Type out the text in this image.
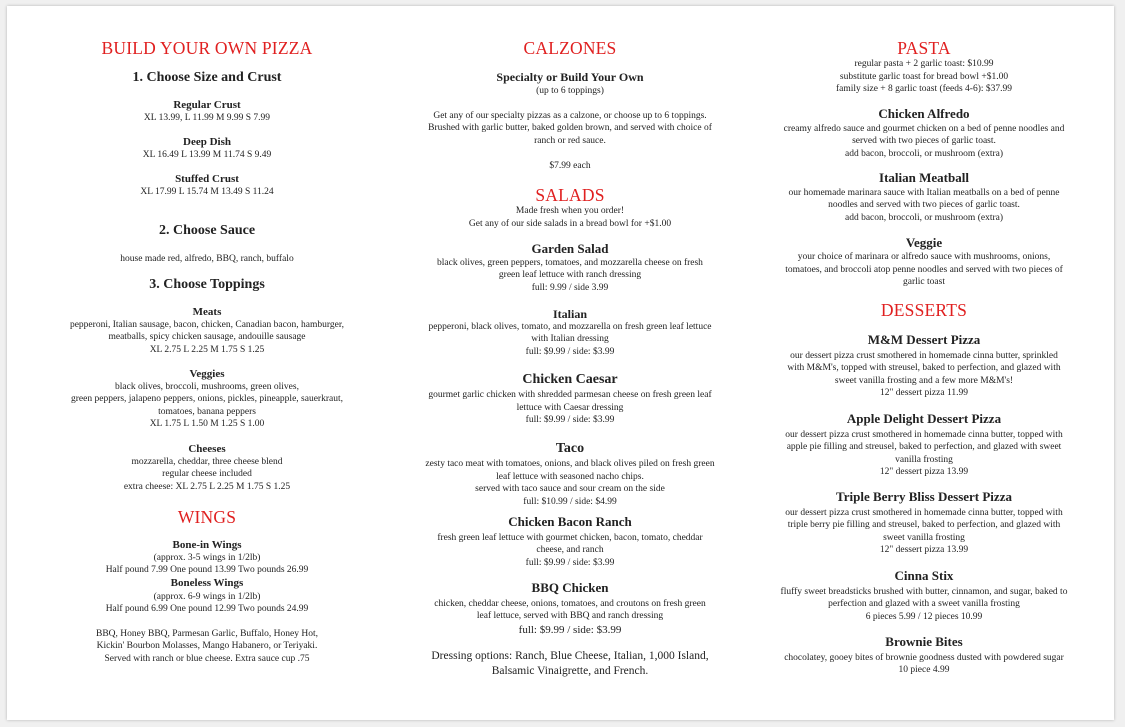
BUILD YOUR OWN PIZZA
1. Choose Size and Crust
Regular Crust
XL 13.99, L 11.99 M 9.99 S 7.99
Deep Dish
XL 16.49 L 13.99 M 11.74 S 9.49
Stuffed Crust
XL 17.99 L 15.74 M 13.49 S 11.24
2. Choose Sauce
house made red, alfredo, BBQ, ranch, buffalo
3. Choose Toppings
Meats
pepperoni, Italian sausage, bacon, chicken, Canadian bacon, hamburger,
meatballs, spicy chicken sausage, andouille sausage
XL 2.75 L 2.25 M 1.75 S 1.25
Veggies
black olives, broccoli, mushrooms, green olives,
green peppers, jalapeno peppers, onions, pickles, pineapple, sauerkraut,
tomatoes, banana peppers
XL 1.75 L 1.50 M 1.25 S 1.00
Cheeses
mozzarella, cheddar, three cheese blend
regular cheese included
extra cheese: XL 2.75 L 2.25 M 1.75 S 1.25
WINGS
Bone-in Wings
(approx. 3-5 wings in 1/2lb)
Half pound 7.99 One pound 13.99 Two pounds 26.99
Boneless Wings
(approx. 6-9 wings in 1/2lb)
Half pound 6.99 One pound 12.99 Two pounds 24.99
BBQ, Honey BBQ, Parmesan Garlic, Buffalo, Honey Hot,
Kickin' Bourbon Molasses, Mango Habanero, or Teriyaki.
Served with ranch or blue cheese. Extra sauce cup .75
CALZONES
Specialty or Build Your Own
(up to 6 toppings)
Get any of our specialty pizzas as a calzone, or choose up to 6 toppings.
Brushed with garlic butter, baked golden brown, and served with choice of
ranch or red sauce.
$7.99 each
SALADS
Made fresh when you order!
Get any of our side salads in a bread bowl for +$1.00
Garden Salad
black olives, green peppers, tomatoes, and mozzarella cheese on fresh
green leaf lettuce with ranch dressing
full: 9.99 / side 3.99
Italian
pepperoni, black olives, tomato, and mozzarella on fresh green leaf lettuce
with Italian dressing
full: $9.99 / side: $3.99
Chicken Caesar
gourmet garlic chicken with shredded parmesan cheese on fresh green leaf
lettuce with Caesar dressing
full: $9.99 / side: $3.99
Taco
zesty taco meat with tomatoes, onions, and black olives piled on fresh green
leaf lettuce with seasoned nacho chips.
served with taco sauce and sour cream on the side
full: $10.99 / side: $4.99
Chicken Bacon Ranch
fresh green leaf lettuce with gourmet chicken, bacon, tomato, cheddar
cheese, and ranch
full: $9.99 / side: $3.99
BBQ Chicken
chicken, cheddar cheese, onions, tomatoes, and croutons on fresh green
leaf lettuce, served with BBQ and ranch dressing
full: $9.99 / side: $3.99
Dressing options: Ranch, Blue Cheese, Italian, 1,000 Island,
Balsamic Vinaigrette, and French.
PASTA
regular pasta + 2 garlic toast: $10.99
substitute garlic toast for bread bowl +$1.00
family size + 8 garlic toast (feeds 4-6): $37.99
Chicken Alfredo
creamy alfredo sauce and gourmet chicken on a bed of penne noodles and
served with two pieces of garlic toast.
add bacon, broccoli, or mushroom (extra)
Italian Meatball
our homemade marinara sauce with Italian meatballs on a bed of penne
noodles and served with two pieces of garlic toast.
add bacon, broccoli, or mushroom (extra)
Veggie
your choice of marinara or alfredo sauce with mushrooms, onions,
tomatoes, and broccoli atop penne noodles and served with two pieces of
garlic toast
DESSERTS
M&M Dessert Pizza
our dessert pizza crust smothered in homemade cinna butter, sprinkled
with M&M's, topped with streusel, baked to perfection, and glazed with
sweet vanilla frosting and a few more M&M's!
12" dessert pizza 11.99
Apple Delight Dessert Pizza
our dessert pizza crust smothered in homemade cinna butter, topped with
apple pie filling and streusel, baked to perfection, and glazed with sweet
vanilla frosting
12" dessert pizza 13.99
Triple Berry Bliss Dessert Pizza
our dessert pizza crust smothered in homemade cinna butter, topped with
triple berry pie filling and streusel, baked to perfection, and glazed with
sweet vanilla frosting
12" dessert pizza 13.99
Cinna Stix
fluffy sweet breadsticks brushed with butter, cinnamon, and sugar, baked to
perfection and glazed with a sweet vanilla frosting
6 pieces 5.99 / 12 pieces 10.99
Brownie Bites
chocolatey, gooey bites of brownie goodness dusted with powdered sugar
10 piece 4.99
